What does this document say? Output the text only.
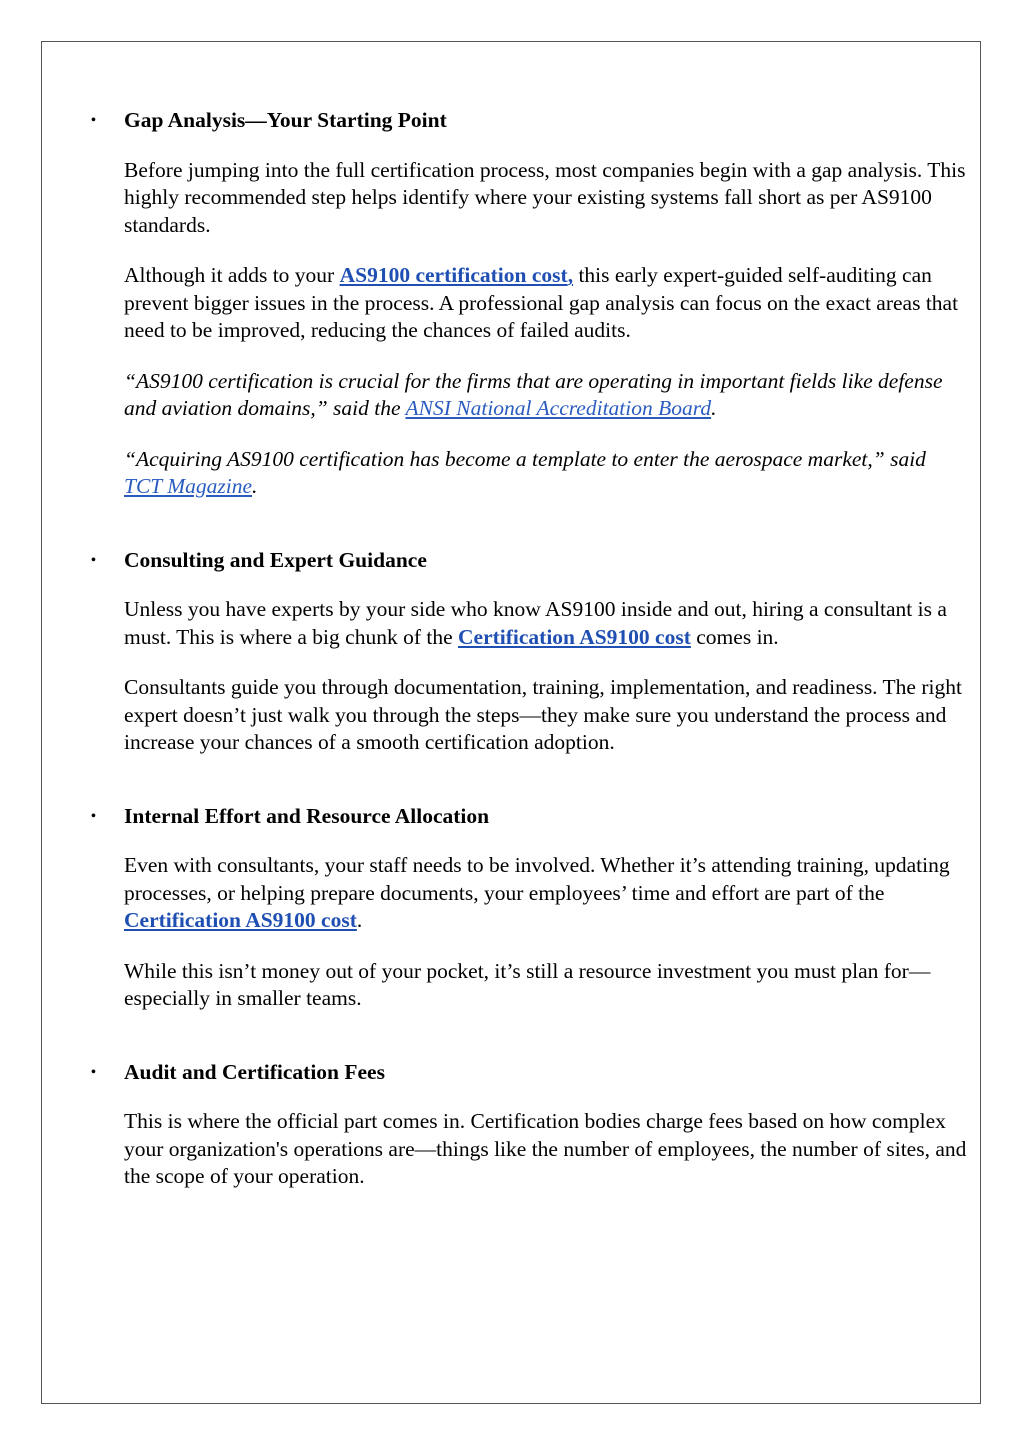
• Gap Analysis—Your Starting Point

Before jumping into the full certification process, most companies begin with a gap analysis. This highly recommended step helps identify where your existing systems fall short as per AS9100 standards.

Although it adds to your AS9100 certification cost, this early expert-guided self-auditing can prevent bigger issues in the process. A professional gap analysis can focus on the exact areas that need to be improved, reducing the chances of failed audits.

“AS9100 certification is crucial for the firms that are operating in important fields like defense and aviation domains,” said the ANSI National Accreditation Board.

“Acquiring AS9100 certification has become a template to enter the aerospace market,” said TCT Magazine.

• Consulting and Expert Guidance

Unless you have experts by your side who know AS9100 inside and out, hiring a consultant is a must. This is where a big chunk of the Certification AS9100 cost comes in.

Consultants guide you through documentation, training, implementation, and readiness. The right expert doesn’t just walk you through the steps—they make sure you understand the process and increase your chances of a smooth certification adoption.

• Internal Effort and Resource Allocation

Even with consultants, your staff needs to be involved. Whether it’s attending training, updating processes, or helping prepare documents, your employees’ time and effort are part of the Certification AS9100 cost.

While this isn’t money out of your pocket, it’s still a resource investment you must plan for—especially in smaller teams.

• Audit and Certification Fees

This is where the official part comes in. Certification bodies charge fees based on how complex your organization's operations are—things like the number of employees, the number of sites, and the scope of your operation.
